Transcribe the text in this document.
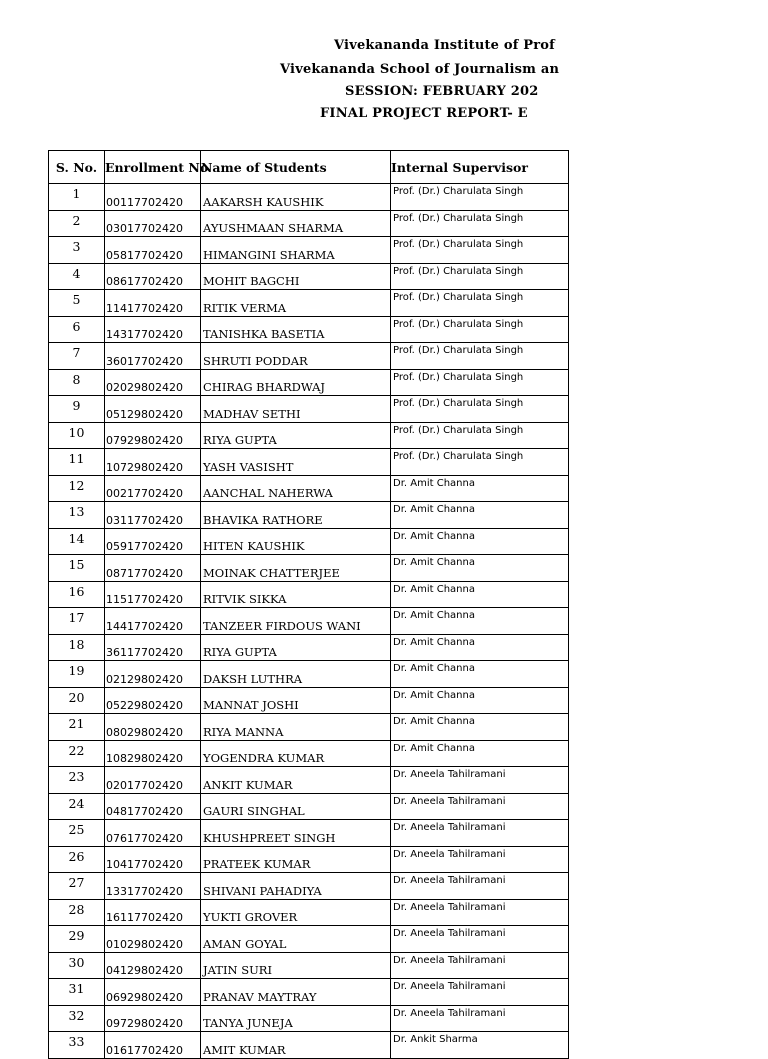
Vivekananda Institute of Prof
Vivekananda School of Journalism an
SESSION: FEBRUARY 202
FINAL PROJECT REPORT- E
S. No.	Enrollment No	Name of Students	Internal Supervisor
1	00117702420	AAKARSH KAUSHIK	Prof. (Dr.) Charulata Singh
2	03017702420	AYUSHMAAN SHARMA	Prof. (Dr.) Charulata Singh
3	05817702420	HIMANGINI SHARMA	Prof. (Dr.) Charulata Singh
4	08617702420	MOHIT BAGCHI	Prof. (Dr.) Charulata Singh
5	11417702420	RITIK VERMA	Prof. (Dr.) Charulata Singh
6	14317702420	TANISHKA BASETIA	Prof. (Dr.) Charulata Singh
7	36017702420	SHRUTI PODDAR	Prof. (Dr.) Charulata Singh
8	02029802420	CHIRAG BHARDWAJ	Prof. (Dr.) Charulata Singh
9	05129802420	MADHAV SETHI	Prof. (Dr.) Charulata Singh
10	07929802420	RIYA GUPTA	Prof. (Dr.) Charulata Singh
11	10729802420	YASH VASISHT	Prof. (Dr.) Charulata Singh
12	00217702420	AANCHAL NAHERWA	Dr. Amit Channa
13	03117702420	BHAVIKA RATHORE	Dr. Amit Channa
14	05917702420	HITEN KAUSHIK	Dr. Amit Channa
15	08717702420	MOINAK CHATTERJEE	Dr. Amit Channa
16	11517702420	RITVIK SIKKA	Dr. Amit Channa
17	14417702420	TANZEER FIRDOUS WANI	Dr. Amit Channa
18	36117702420	RIYA GUPTA	Dr. Amit Channa
19	02129802420	DAKSH LUTHRA	Dr. Amit Channa
20	05229802420	MANNAT JOSHI	Dr. Amit Channa
21	08029802420	RIYA MANNA	Dr. Amit Channa
22	10829802420	YOGENDRA KUMAR	Dr. Amit Channa
23	02017702420	ANKIT KUMAR	Dr. Aneela Tahilramani
24	04817702420	GAURI SINGHAL	Dr. Aneela Tahilramani
25	07617702420	KHUSHPREET SINGH	Dr. Aneela Tahilramani
26	10417702420	PRATEEK KUMAR	Dr. Aneela Tahilramani
27	13317702420	SHIVANI PAHADIYA	Dr. Aneela Tahilramani
28	16117702420	YUKTI GROVER	Dr. Aneela Tahilramani
29	01029802420	AMAN GOYAL	Dr. Aneela Tahilramani
30	04129802420	JATIN SURI	Dr. Aneela Tahilramani
31	06929802420	PRANAV MAYTRAY	Dr. Aneela Tahilramani
32	09729802420	TANYA JUNEJA	Dr. Aneela Tahilramani
33	01617702420	AMIT KUMAR	Dr. Ankit Sharma
